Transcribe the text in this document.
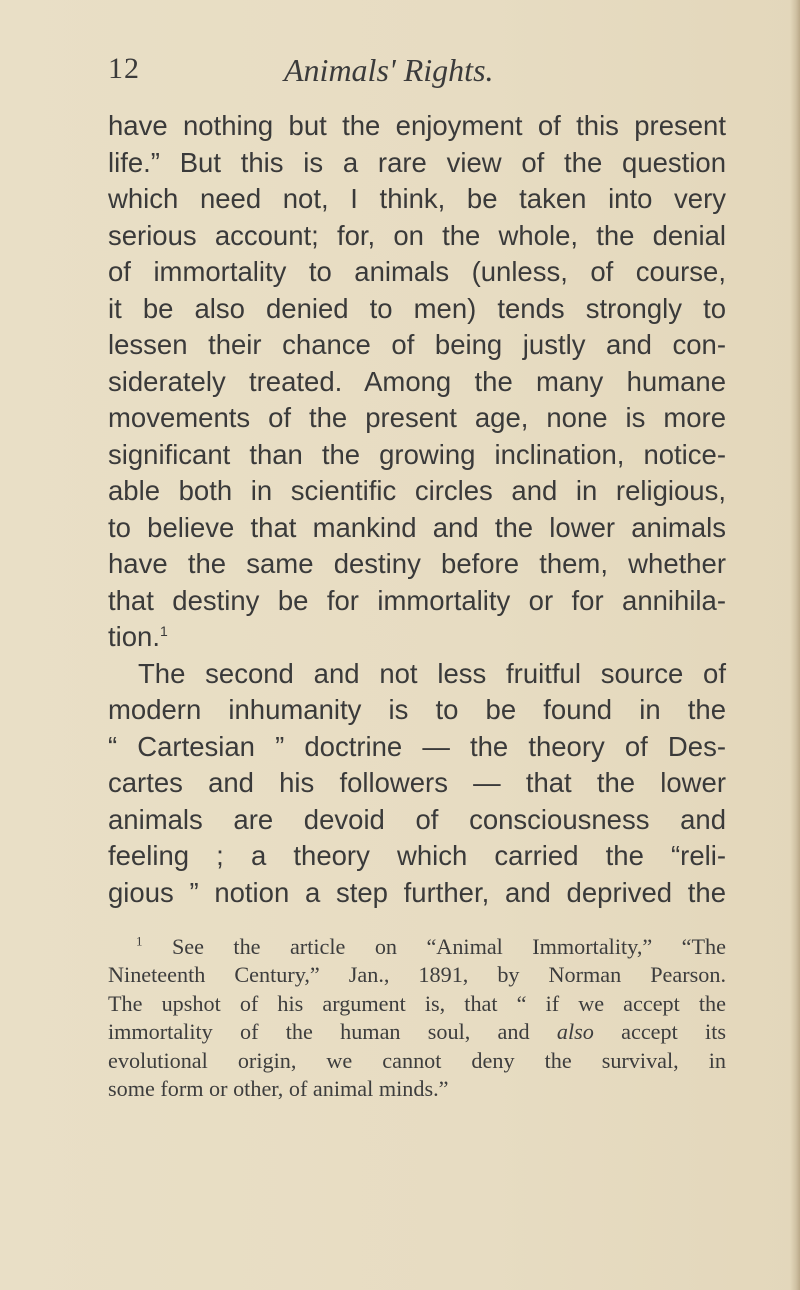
12	Animals' Rights.
have nothing but the enjoyment of this present
life.” But this is a rare view of the question
which need not, I think, be taken into very
serious account; for, on the whole, the denial
of immortality to animals (unless, of course,
it be also denied to men) tends strongly to
lessen their chance of being justly and con-
siderately treated. Among the many humane
movements of the present age, none is more
significant than the growing inclination, notice-
able both in scientific circles and in religious,
to believe that mankind and the lower animals
have the same destiny before them, whether
that destiny be for immortality or for annihila-
tion.$^1$
The second and not less fruitful source of
modern inhumanity is to be found in the
“ Cartesian ” doctrine — the theory of Des-
cartes and his followers — that the lower
animals are devoid of consciousness and
feeling ; a theory which carried the “reli-
gious ” notion a step further, and deprived the
$^1$ See the article on “Animal Immortality,” “The
Nineteenth Century,” Jan., 1891, by Norman Pearson.
The upshot of his argument is, that “ if we accept the
immortality of the human soul, and also accept its
evolutional origin, we cannot deny the survival, in
some form or other, of animal minds.”
